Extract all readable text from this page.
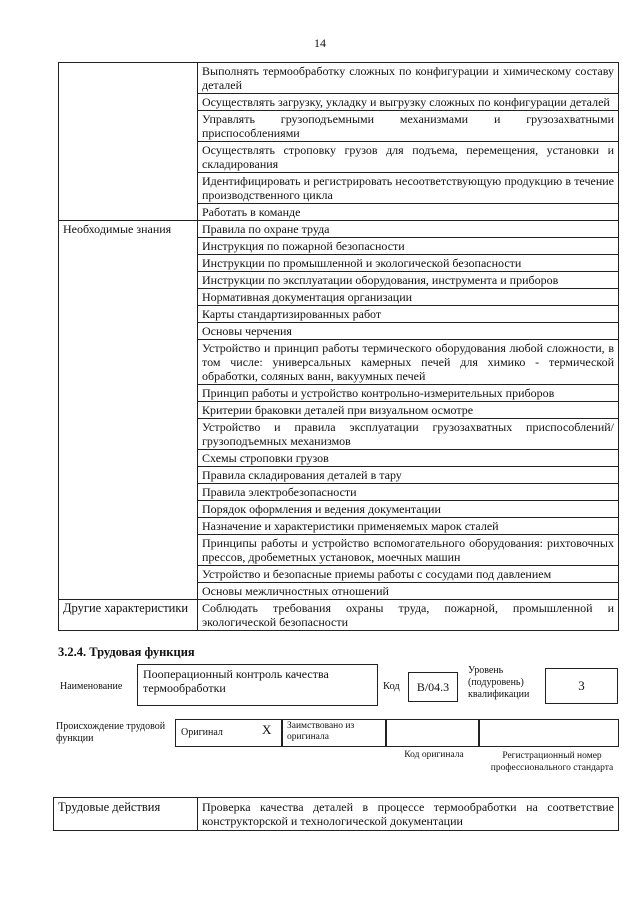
14
	Выполнять термообработку сложных по конфигурации и химическому составу деталей
	Осуществлять загрузку, укладку и выгрузку сложных по конфигурации деталей
	Управлять грузоподъемными механизмами и грузозахватными приспособлениями
	Осуществлять строповку грузов для подъема, перемещения, установки и складирования
	Идентифицировать и регистрировать несоответствующую продукцию в течение производственного цикла
	Работать в команде
Необходимые знания	Правила по охране труда
	Инструкция по пожарной безопасности
	Инструкции по промышленной и экологической безопасности
	Инструкции по эксплуатации оборудования, инструмента и приборов
	Нормативная документация организации
	Карты стандартизированных работ
	Основы черчения
	Устройство и принцип работы термического оборудования любой сложности, в том числе: универсальных камерных печей для химико - термической обработки, соляных ванн, вакуумных печей
	Принцип работы и устройство контрольно-измерительных приборов
	Критерии браковки деталей при визуальном осмотре
	Устройство и правила эксплуатации грузозахватных приспособлений/грузоподъемных механизмов
	Схемы строповки грузов
	Правила складирования деталей в тару
	Правила электробезопасности
	Порядок оформления и ведения документации
	Назначение и характеристики применяемых марок сталей
	Принципы работы и устройство вспомогательного оборудования: рихтовочных прессов, дробеметных установок, моечных машин
	Устройство и безопасные приемы работы с сосудами под давлением
	Основы межличностных отношений
Другие характеристики	Соблюдать требования охраны труда, пожарной, промышленной и экологической безопасности
3.2.4. Трудовая функция
Наименование
Пооперационный контроль качества термообработки	Код	B/04.3
Уровень (подуровень) квалификации
3
Происхождение трудовой функции
Оригинал	X Заимствовано из оригинала
Код оригинала	Регистрационный номер профессионального стандарта
Трудовые действия	Проверка качества деталей в процессе термообработки на соответствие конструкторской и технологической документации
